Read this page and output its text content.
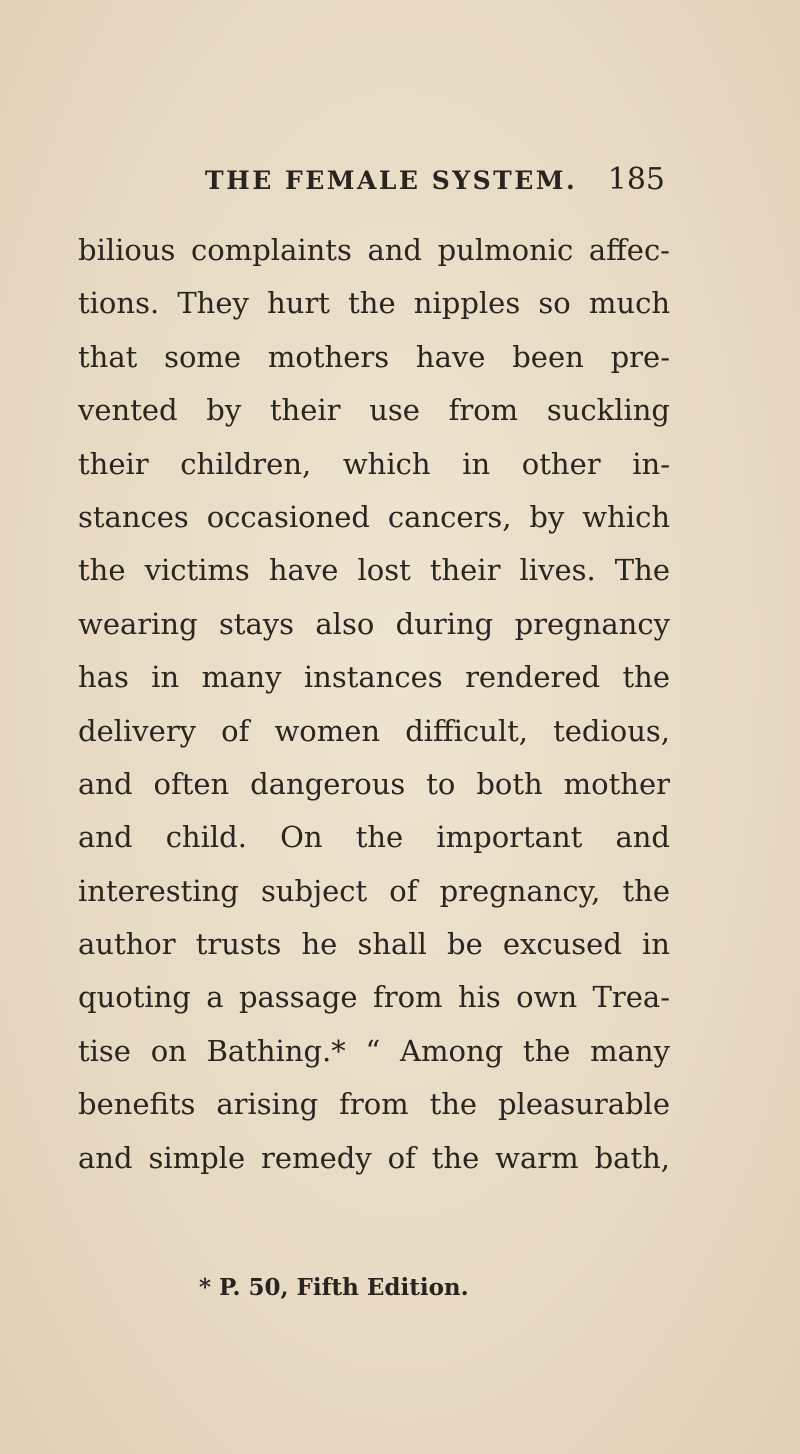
THE FEMALE SYSTEM. 185
bilious complaints and pulmonic affec-
tions. They hurt the nipples so much
that some mothers have been pre-
vented by their use from suckling
their children, which in other in-
stances occasioned cancers, by which
the victims have lost their lives. The
wearing stays also during pregnancy
has in many instances rendered the
delivery of women difficult, tedious,
and often dangerous to both mother
and child. On the important and
interesting subject of pregnancy, the
author trusts he shall be excused in
quoting a passage from his own Trea-
tise on Bathing.* “ Among the many
benefits arising from the pleasurable
and simple remedy of the warm bath,
* P. 50, Fifth Edition.
